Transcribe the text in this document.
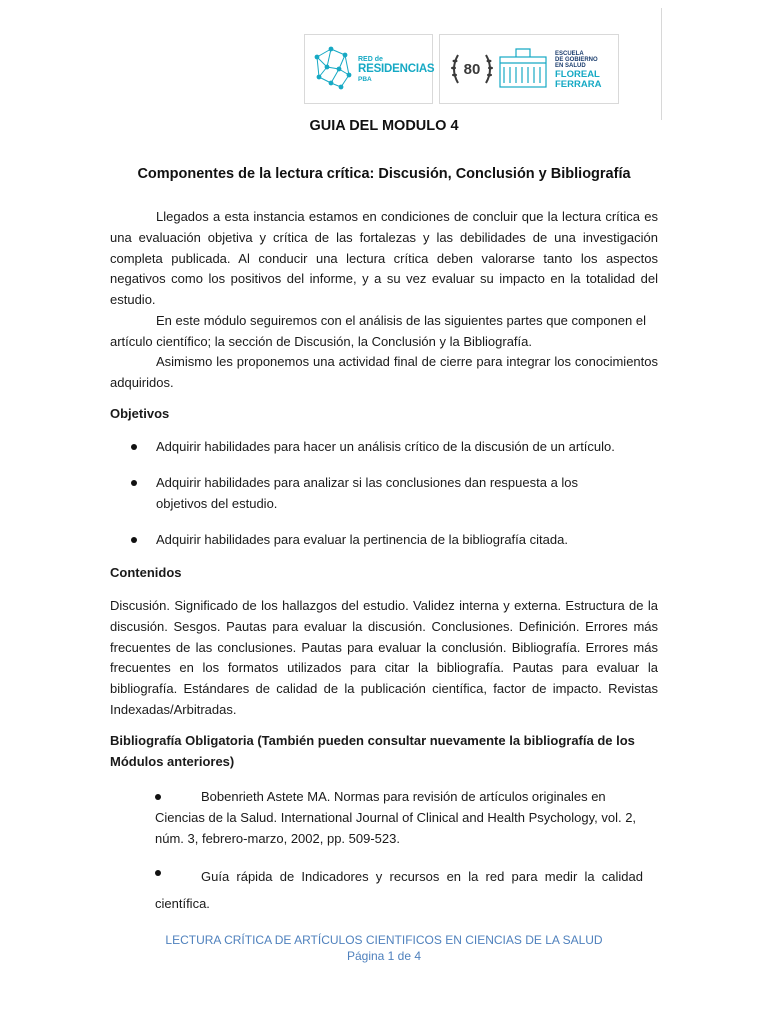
RED de
RESIDENCIAS
PBA
80
ESCUELA
DE GOBIERNO
EN SALUD
FLOREAL
FERRARA
GUIA DEL MODULO 4
Componentes de la lectura crítica: Discusión, Conclusión y Bibliografía

Llegados a esta instancia estamos en condiciones de concluir que la lectura crítica es una evaluación objetiva y crítica de las fortalezas y las debilidades de una investigación completa publicada. Al conducir una lectura crítica deben valorarse tanto los aspectos negativos como los positivos del informe, y a su vez evaluar su impacto en la totalidad del estudio.

En este módulo seguiremos con el análisis de las siguientes partes que componen el artículo científico; la sección de Discusión, la Conclusión y la Bibliografía.

Asimismo les proponemos una actividad final de cierre para integrar los conocimientos adquiridos.

Objetivos

Adquirir habilidades para hacer un análisis crítico de la discusión de un artículo.

Adquirir habilidades para analizar si las conclusiones dan respuesta a los objetivos del estudio.

Adquirir habilidades para evaluar la pertinencia de la bibliografía citada.

Contenidos

Discusión. Significado de los hallazgos del estudio. Validez interna y externa. Estructura de la discusión. Sesgos. Pautas para evaluar la discusión. Conclusiones. Definición. Errores más frecuentes de las conclusiones. Pautas para evaluar la conclusión. Bibliografía. Errores más frecuentes en los formatos utilizados para citar la bibliografía. Pautas para evaluar la bibliografía. Estándares de calidad de la publicación científica, factor de impacto. Revistas Indexadas/Arbitradas.

Bibliografía Obligatoria (También pueden consultar nuevamente la bibliografía de los Módulos anteriores)

Bobenrieth Astete MA. Normas para revisión de artículos originales en Ciencias de la Salud. International Journal of Clinical and Health Psychology, vol. 2, núm. 3, febrero-marzo, 2002, pp. 509-523.

Guía rápida de Indicadores y recursos en la red para medir la calidad científica.

LECTURA CRÍTICA DE ARTÍCULOS CIENTIFICOS EN CIENCIAS DE LA SALUD
Página 1 de 4
